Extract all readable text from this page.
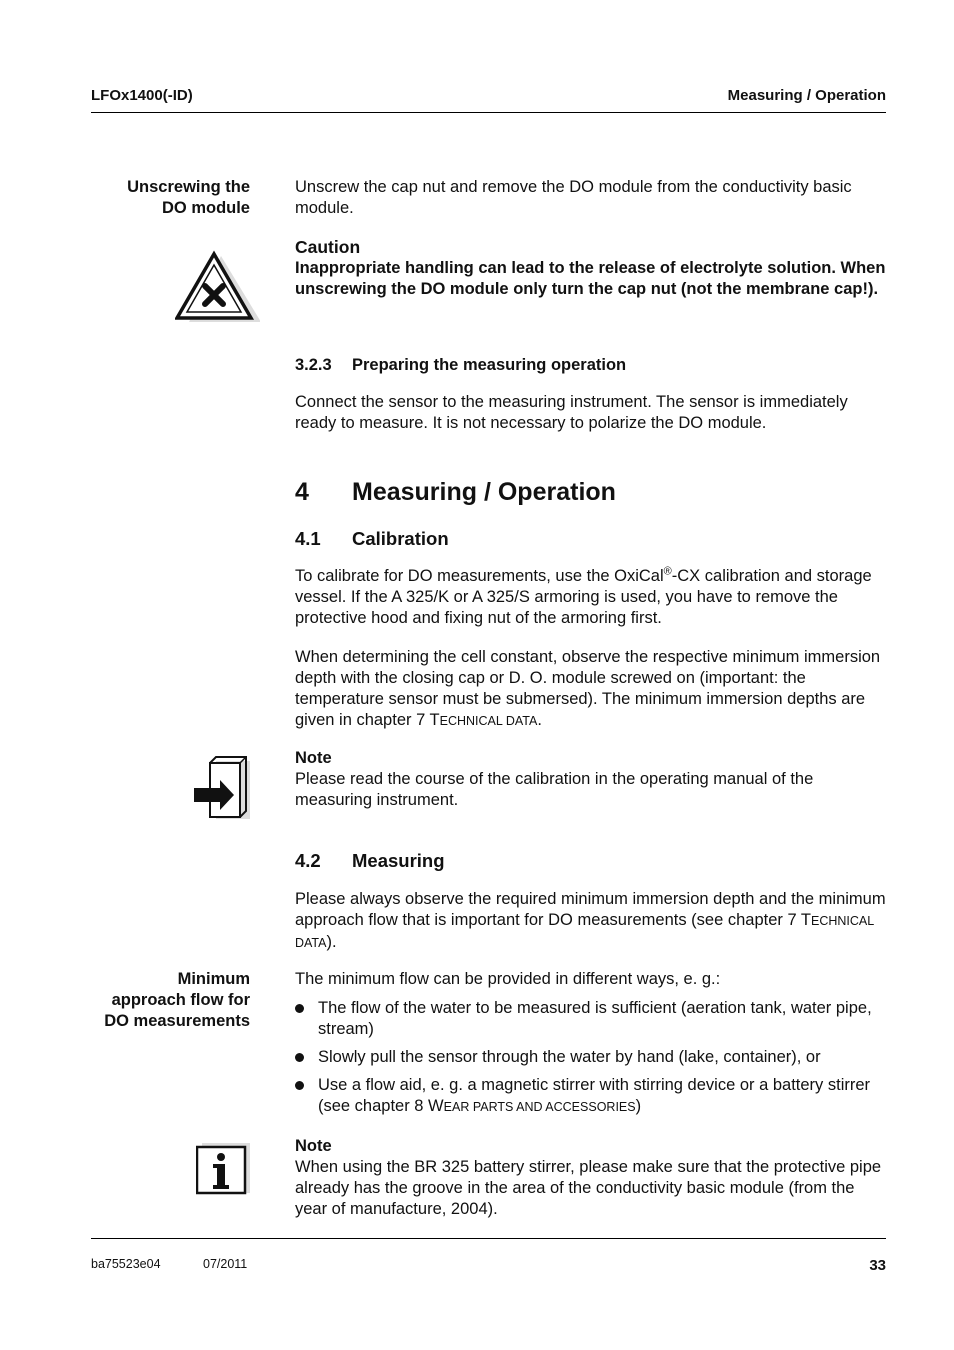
LFOx1400(-ID)	Measuring / Operation
Unscrewing the
DO module
Unscrew the cap nut and remove the DO module from the conductivity basic module.
Caution

Inappropriate handling can lead to the release of electrolyte solution. When unscrewing the DO module only turn the cap nut (not the membrane cap!).

3.2.3 Preparing the measuring operation
Connect the sensor to the measuring instrument. The sensor is immediately ready to measure. It is not necessary to polarize the DO module.
4 Measuring / Operation
4.1 Calibration
To calibrate for DO measurements, use the OxiCal®-CX calibration and storage vessel. If the A 325/K or A 325/S armoring is used, you have to remove the protective hood and fixing nut of the armoring first.
When determining the cell constant, observe the respective minimum immersion depth with the closing cap or D. O. module screwed on (important: the temperature sensor must be submersed). The minimum immersion depths are given in chapter 7 TECHNICAL DATA.
Note

Please read the course of the calibration in the operating manual of the measuring instrument.

4.2 Measuring
Please always observe the required minimum immersion depth and the minimum approach flow that is important for DO measurements (see chapter 7 TECHNICAL DATA).
Minimum
approach flow for
DO measurements

The minimum flow can be provided in different ways, e. g.:

The flow of the water to be measured is sufficient (aeration tank, water pipe, stream)
Slowly pull the sensor through the water by hand (lake, container), or
Use a flow aid, e. g. a magnetic stirrer with stirring device or a battery stirrer (see chapter 8 WEAR PARTS AND ACCESSORIES)
Note

When using the BR 325 battery stirrer, please make sure that the protective pipe already has the groove in the area of the conductivity basic module (from the year of manufacture, 2004).

ba75523e04	07/2011	33
